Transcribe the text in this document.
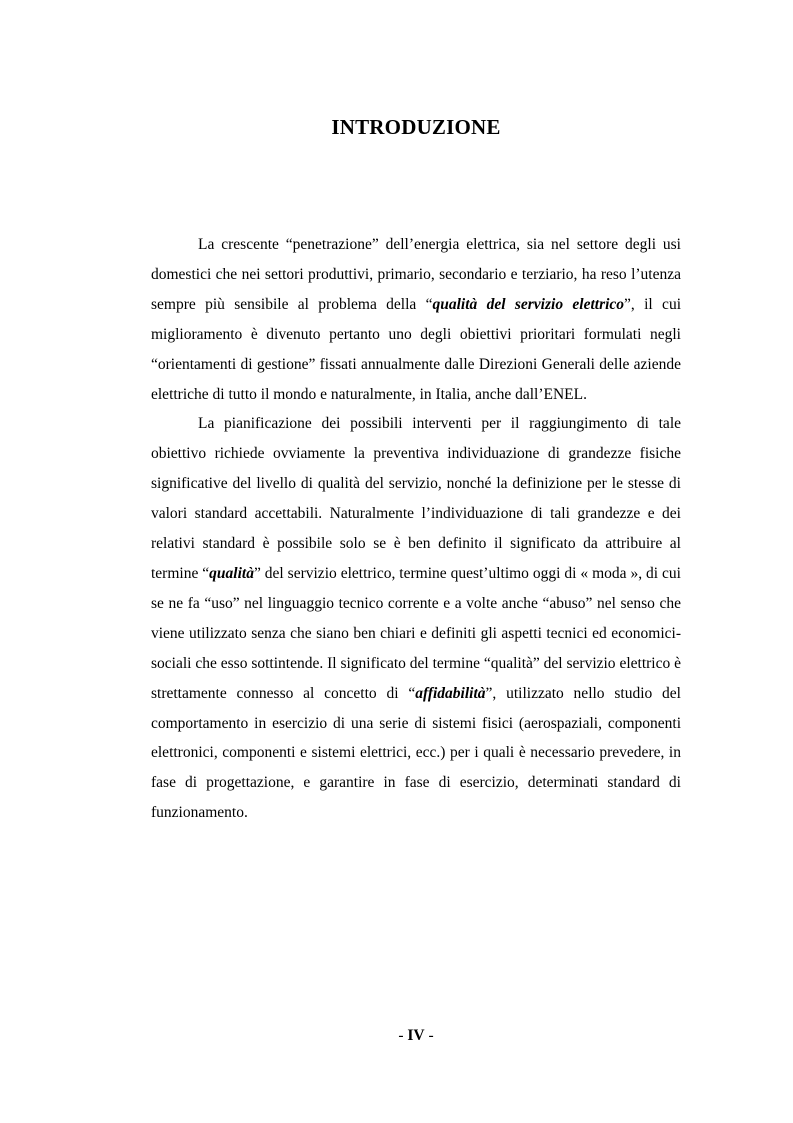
INTRODUZIONE

La crescente “penetrazione” dell’energia elettrica, sia nel settore degli usi domestici che nei settori produttivi, primario, secondario e terziario, ha reso l’utenza sempre più sensibile al problema della “qualità del servizio elettrico”, il cui miglioramento è divenuto pertanto uno degli obiettivi prioritari formulati negli “orientamenti di gestione” fissati annualmente dalle Direzioni Generali delle aziende elettriche di tutto il mondo e naturalmente, in Italia, anche dall’ENEL.

La pianificazione dei possibili interventi per il raggiungimento di tale obiettivo richiede ovviamente la preventiva individuazione di grandezze fisiche significative del livello di qualità del servizio, nonché la definizione per le stesse di valori standard accettabili. Naturalmente l’individuazione di tali grandezze e dei relativi standard è possibile solo se è ben definito il significato da attribuire al termine “qualità” del servizio elettrico, termine quest’ultimo oggi di « moda », di cui se ne fa “uso” nel linguaggio tecnico corrente e a volte anche “abuso” nel senso che viene utilizzato senza che siano ben chiari e definiti gli aspetti tecnici ed economici-sociali che esso sottintende. Il significato del termine “qualità” del servizio elettrico è strettamente connesso al concetto di “affidabilità”, utilizzato nello studio del comportamento in esercizio di una serie di sistemi fisici (aerospaziali, componenti elettronici, componenti e sistemi elettrici, ecc.) per i quali è necessario prevedere, in fase di progettazione, e garantire in fase di esercizio, determinati standard di funzionamento.

- IV -
